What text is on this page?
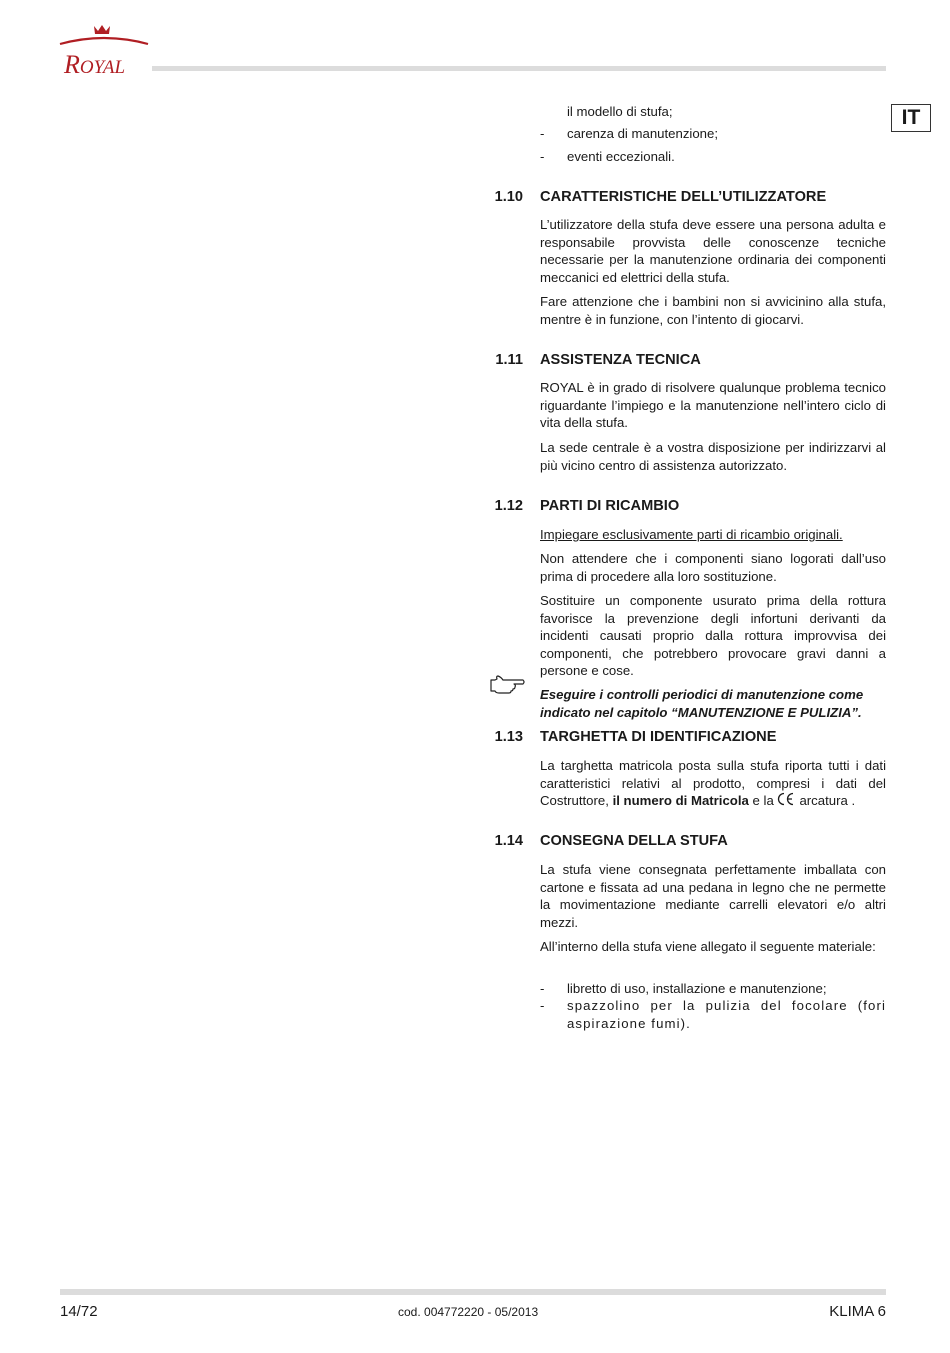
ROYAL
IT
il modello di stufa;
- carenza di manutenzione;
- eventi eccezionali.
1.10 CARATTERISTICHE DELL’UTILIZZATORE
L’utilizzatore della stufa deve essere una persona adulta e responsabile provvista delle conoscenze tecniche necessarie per la manutenzione ordinaria dei componenti meccanici ed elettrici della stufa.
Fare attenzione che i bambini non si avvicinino alla stufa, mentre è in funzione, con l’intento di giocarvi.
1.11 ASSISTENZA TECNICA
ROYAL è in grado di risolvere qualunque problema tecnico riguardante l’impiego e la manutenzione nell’intero ciclo di vita della stufa.
La sede centrale è a vostra disposizione per indirizzarvi al più vicino centro di assistenza autorizzato.
1.12 PARTI DI RICAMBIO
Impiegare esclusivamente parti di ricambio originali.
Non attendere che i componenti siano logorati dall’uso prima di procedere alla loro sostituzione.
Sostituire un componente usurato prima della rottura favorisce la prevenzione degli infortuni derivanti da incidenti causati proprio dalla rottura improvvisa dei componenti, che potrebbero provocare gravi danni a persone e cose.
Eseguire i controlli periodici di manutenzione come indicato nel capitolo “MANUTENZIONE E PULIZIA”.
1.13 TARGHETTA DI IDENTIFICAZIONE
La targhetta matricola posta sulla stufa riporta tutti i dati caratteristici relativi al prodotto, compresi i dati del Costruttore, il numero di Matricola e la arcatura .
1.14 CONSEGNA DELLA STUFA
La stufa viene consegnata perfettamente imballata con cartone e fissata ad una pedana in legno che ne permette la movimentazione mediante carrelli elevatori e/o altri mezzi.
All’interno della stufa viene allegato il seguente materiale:
- libretto di uso, installazione e manutenzione;
- spazzolino per la pulizia del focolare (fori aspirazione fumi).
14/72	cod. 004772220 - 05/2013	KLIMA 6
